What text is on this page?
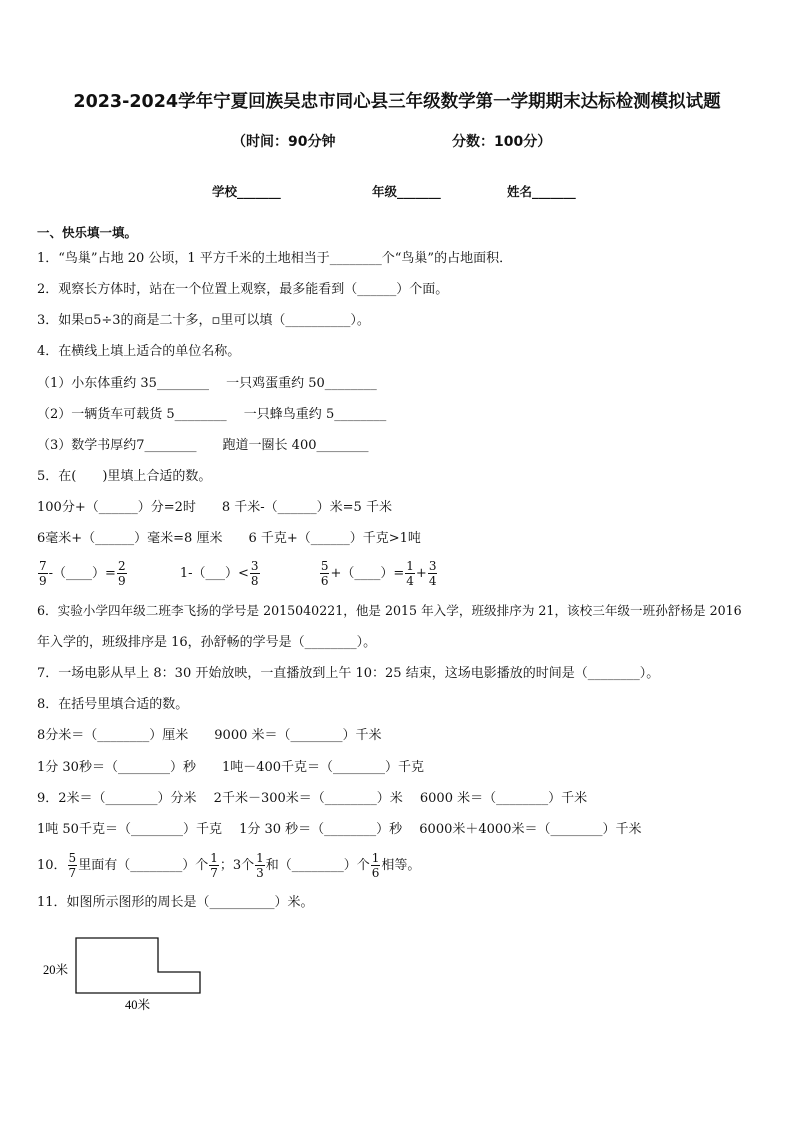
2023-2024学年宁夏回族吴忠市同心县三年级数学第一学期期末达标检测模拟试题
（时间：90分钟	分数：100分）
学校_______	年级_______	姓名_______
一、快乐填一填。
1．“鸟巢”占地 20 公顷，1 平方千米的土地相当于________个“鸟巢”的占地面积．
2．观察长方体时，站在一个位置上观察，最多能看到（______）个面。
3．如果▫5÷3的商是二十多，▫里可以填（__________）。
4．在横线上填上适合的单位名称。
（1）小东体重约 35________　 一只鸡蛋重约 50________
（2）一辆货车可载货 5________　 一只蜂鸟重约 5________
（3）数学书厚约7________　　跑道一圈长 400________
5．在(　　)里填上合适的数。
100分+（______）分=2时　　8 千米-（______）米=5 千米
6毫米+（______）毫米=8 厘米　　6 千克+（______）千克>1吨
$\frac{7}{9}$ -（____）= $\frac{2}{9}$	1-（___）< $\frac{3}{8}$
	$\frac{5}{6}$ +（____）= $\frac{1}{4} + \frac{3}{4}$
6．实验小学四年级二班李飞扬的学号是 2015040221，他是 2015 年入学，班级排序为 21，该校三年级一班孙舒杨是 2016
年入学的，班级排序是 16，孙舒畅的学号是（________）。
7．一场电影从早上 8：30 开始放映，一直播放到上午 10：25 结束，这场电影播放的时间是（________）。
8．在括号里填合适的数。
8分米＝（________）厘米　　9000 米＝（________）千米
1分 30秒＝（________）秒　　1吨－400千克＝（________）千克
9．2米＝（________）分米　 2千米－300米＝（________）米　 6000 米＝（________）千米
1吨 50千克＝（________）千克　 1分 30 秒＝（________）秒　 6000米＋4000米＝（________）千米
10． $\frac{5}{7}$ 里面有（________）个 $\frac{1}{7}$ ；3个 $\frac{1}{3}$ 和（________）个 $\frac{1}{6}$ 相等。
11．如图所示图形的周长是（__________）米。
20米
40米
